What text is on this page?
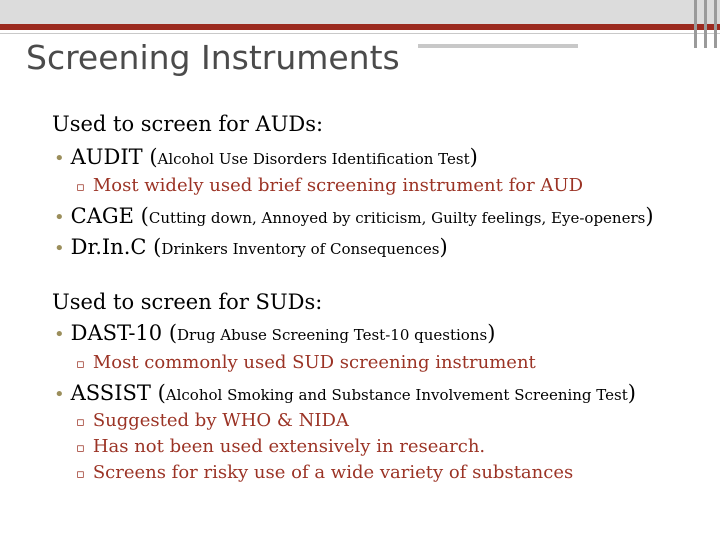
Screening Instruments
Used to screen for AUDs:
• AUDIT (Alcohol Use Disorders Identification Test)
▫ Most widely used brief screening instrument for AUD
• CAGE (Cutting down, Annoyed by criticism, Guilty feelings, Eye-openers)
• Dr.In.C (Drinkers Inventory of Consequences)
Used to screen for SUDs:
• DAST-10 (Drug Abuse Screening Test-10 questions)
▫ Most commonly used SUD screening instrument
• ASSIST (Alcohol Smoking and Substance Involvement Screening Test)
▫ Suggested by WHO & NIDA
▫ Has not been used extensively in research.
▫ Screens for risky use of a wide variety of substances
